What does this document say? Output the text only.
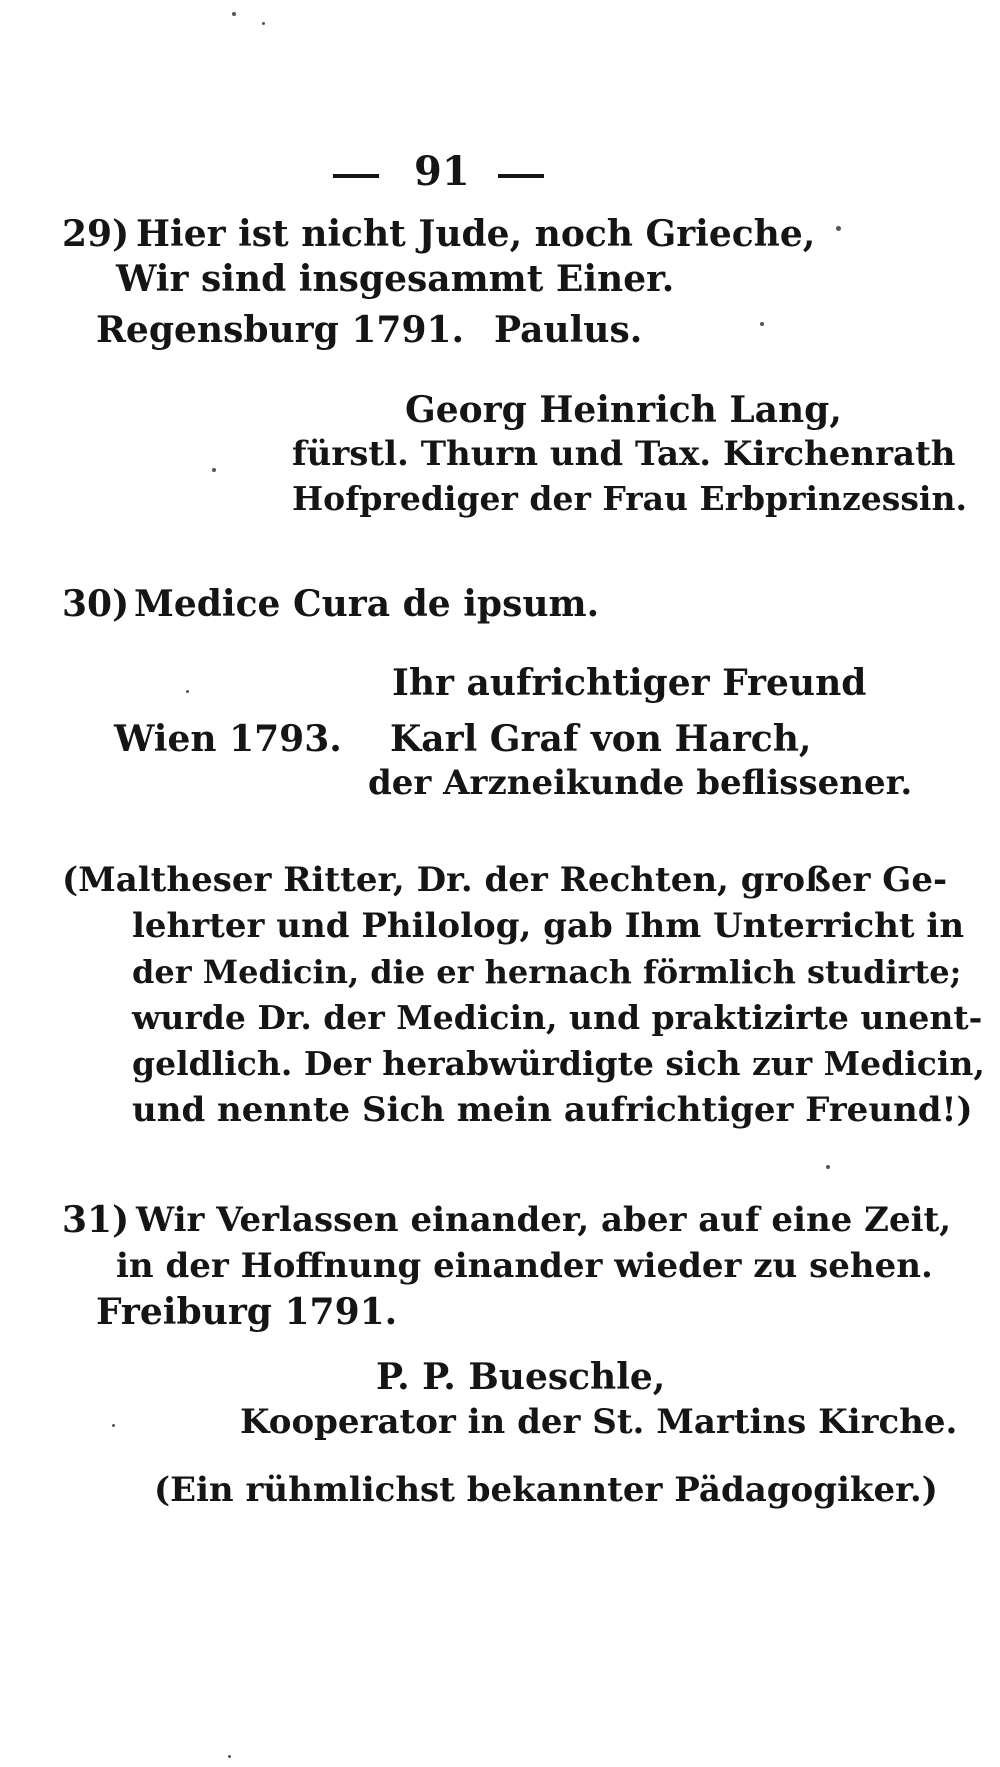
91
29) Hier ist nicht Jude, noch Grieche,
Wir sind insgesammt Einer.
Regensburg 1791. Paulus.
Georg Heinrich Lang,
fürstl. Thurn und Tax. Kirchenrath
Hofprediger der Frau Erbprinzessin.
30) Medice Cura de ipsum.
Ihr aufrichtiger Freund
Wien 1793. Karl Graf von Harch,
der Arzneikunde beflissener.
(Maltheser Ritter, Dr. der Rechten, großer Ge-
lehrter und Philolog, gab Ihm Unterricht in
der Medicin, die er hernach förmlich studirte;
wurde Dr. der Medicin, und praktizirte unent-
geldlich. Der herabwürdigte sich zur Medicin,
und nennte Sich mein aufrichtiger Freund!)
31) Wir Verlassen einander, aber auf eine Zeit,
in der Hoffnung einander wieder zu sehen.
Freiburg 1791.
P. P. Bueschle,
Kooperator in der St. Martins Kirche.
(Ein rühmlichst bekannter Pädagogiker.)
